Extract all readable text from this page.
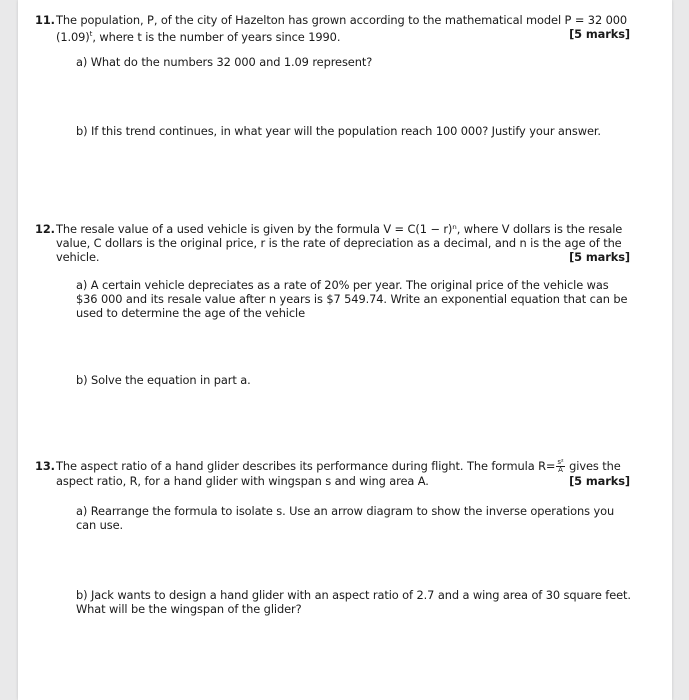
11. The population, P, of the city of Hazelton has grown according to the mathematical model P = 32 000
$(1.09)^t$, where t is the number of years since 1990.	[5 marks]
a) What do the numbers 32 000 and 1.09 represent?
b) If this trend continues, in what year will the population reach 100 000? Justify your answer.
12. The resale value of a used vehicle is given by the formula V = C(1 − r)ⁿ, where V dollars is the resale value, C dollars is the original price, r is the rate of depreciation as a decimal, and n is the age of the vehicle.	[5 marks]
a) A certain vehicle depreciates as a rate of 20% per year. The original price of the vehicle was $36 000 and its resale value after n years is $7 549.74. Write an exponential equation that can be used to determine the age of the vehicle
b) Solve the equation in part a.
13. The aspect ratio of a hand glider describes its performance during flight. The formula $R= \frac{\text{s²}}{A}$ gives the aspect ratio, R, for a hand glider with wingspan s and wing area A.	[5 marks]
a) Rearrange the formula to isolate s. Use an arrow diagram to show the inverse operations you can use.
b) Jack wants to design a hand glider with an aspect ratio of 2.7 and a wing area of 30 square feet. What will be the wingspan of the glider?
